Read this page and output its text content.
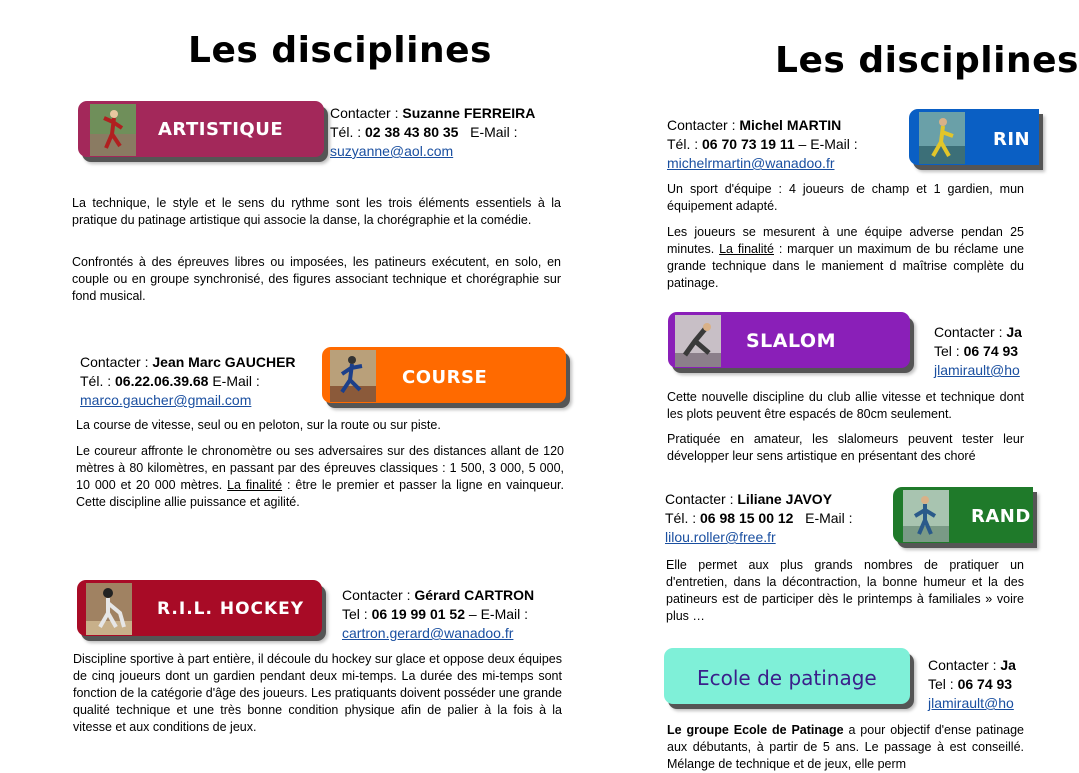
Les disciplines
ARTISTIQUE
Contacter : Suzanne FERREIRA
Tél. : 02 38 43 80 35 E-Mail :
suzyanne@aol.com

La technique, le style et le sens du rythme sont les trois éléments essentiels à la pratique du patinage artistique qui associe la danse, la chorégraphie et la comédie.

Confrontés à des épreuves libres ou imposées, les patineurs exécutent, en solo, en couple ou en groupe synchronisé, des figures associant technique et chorégraphie sur fond musical.

Contacter : Jean Marc GAUCHER
Tél. : 06.22.06.39.68 E-Mail :
marco.gaucher@gmail.com
COURSE

La course de vitesse, seul ou en peloton, sur la route ou sur piste.

Le coureur affronte le chronomètre ou ses adversaires sur des distances allant de 120 mètres à 80 kilomètres, en passant par des épreuves classiques : 1 500, 3 000, 5 000, 10 000 et 20 000 mètres. La finalité : être le premier et passer la ligne en vainqueur. Cette discipline allie puissance et agilité.

R.I.L. HOCKEY
Contacter : Gérard CARTRON
Tel : 06 19 99 01 52 – E-Mail :
cartron.gerard@wanadoo.fr

Discipline sportive à part entière, il découle du hockey sur glace et oppose deux équipes de cinq joueurs dont un gardien pendant deux mi-temps. La durée des mi-temps sont fonction de la catégorie d'âge des joueurs. Les pratiquants doivent posséder une grande qualité technique et une très bonne condition physique afin de palier à la fois à la vitesse et aux conditions de jeux.

Les disciplines
Contacter : Michel MARTIN
Tél. : 06 70 73 19 11 – E-Mail :
michelrmartin@wanadoo.fr
RIN

Un sport d'équipe : 4 joueurs de champ et 1 gardien, mun équipement adapté.

Les joueurs se mesurent à une équipe adverse pendan 25 minutes. La finalité : marquer un maximum de bu réclame une grande technique dans le maniement d maîtrise complète du patinage.

SLALOM	Contacter : Ja
Tel : 06 74 93
jlamirault@ho

Cette nouvelle discipline du club allie vitesse et technique dont les plots peuvent être espacés de 80cm seulement.

Pratiquée en amateur, les slalomeurs peuvent tester leur développer leur sens artistique en présentant des choré

Contacter : Liliane JAVOY
Tél. : 06 98 15 00 12 E-Mail :
lilou.roller@free.fr
RAND

Elle permet aux plus grands nombres de pratiquer un d'entretien, dans la décontraction, la bonne humeur et la des patineurs est de participer dès le printemps à familiales » voire plus …

Ecole de patinage
Contacter : Ja
Tel : 06 74 93
jlamirault@ho

Le groupe Ecole de Patinage a pour objectif d'ense patinage aux débutants, à partir de 5 ans. Le passage à est conseillé. Mélange de technique et de jeux, elle perm
